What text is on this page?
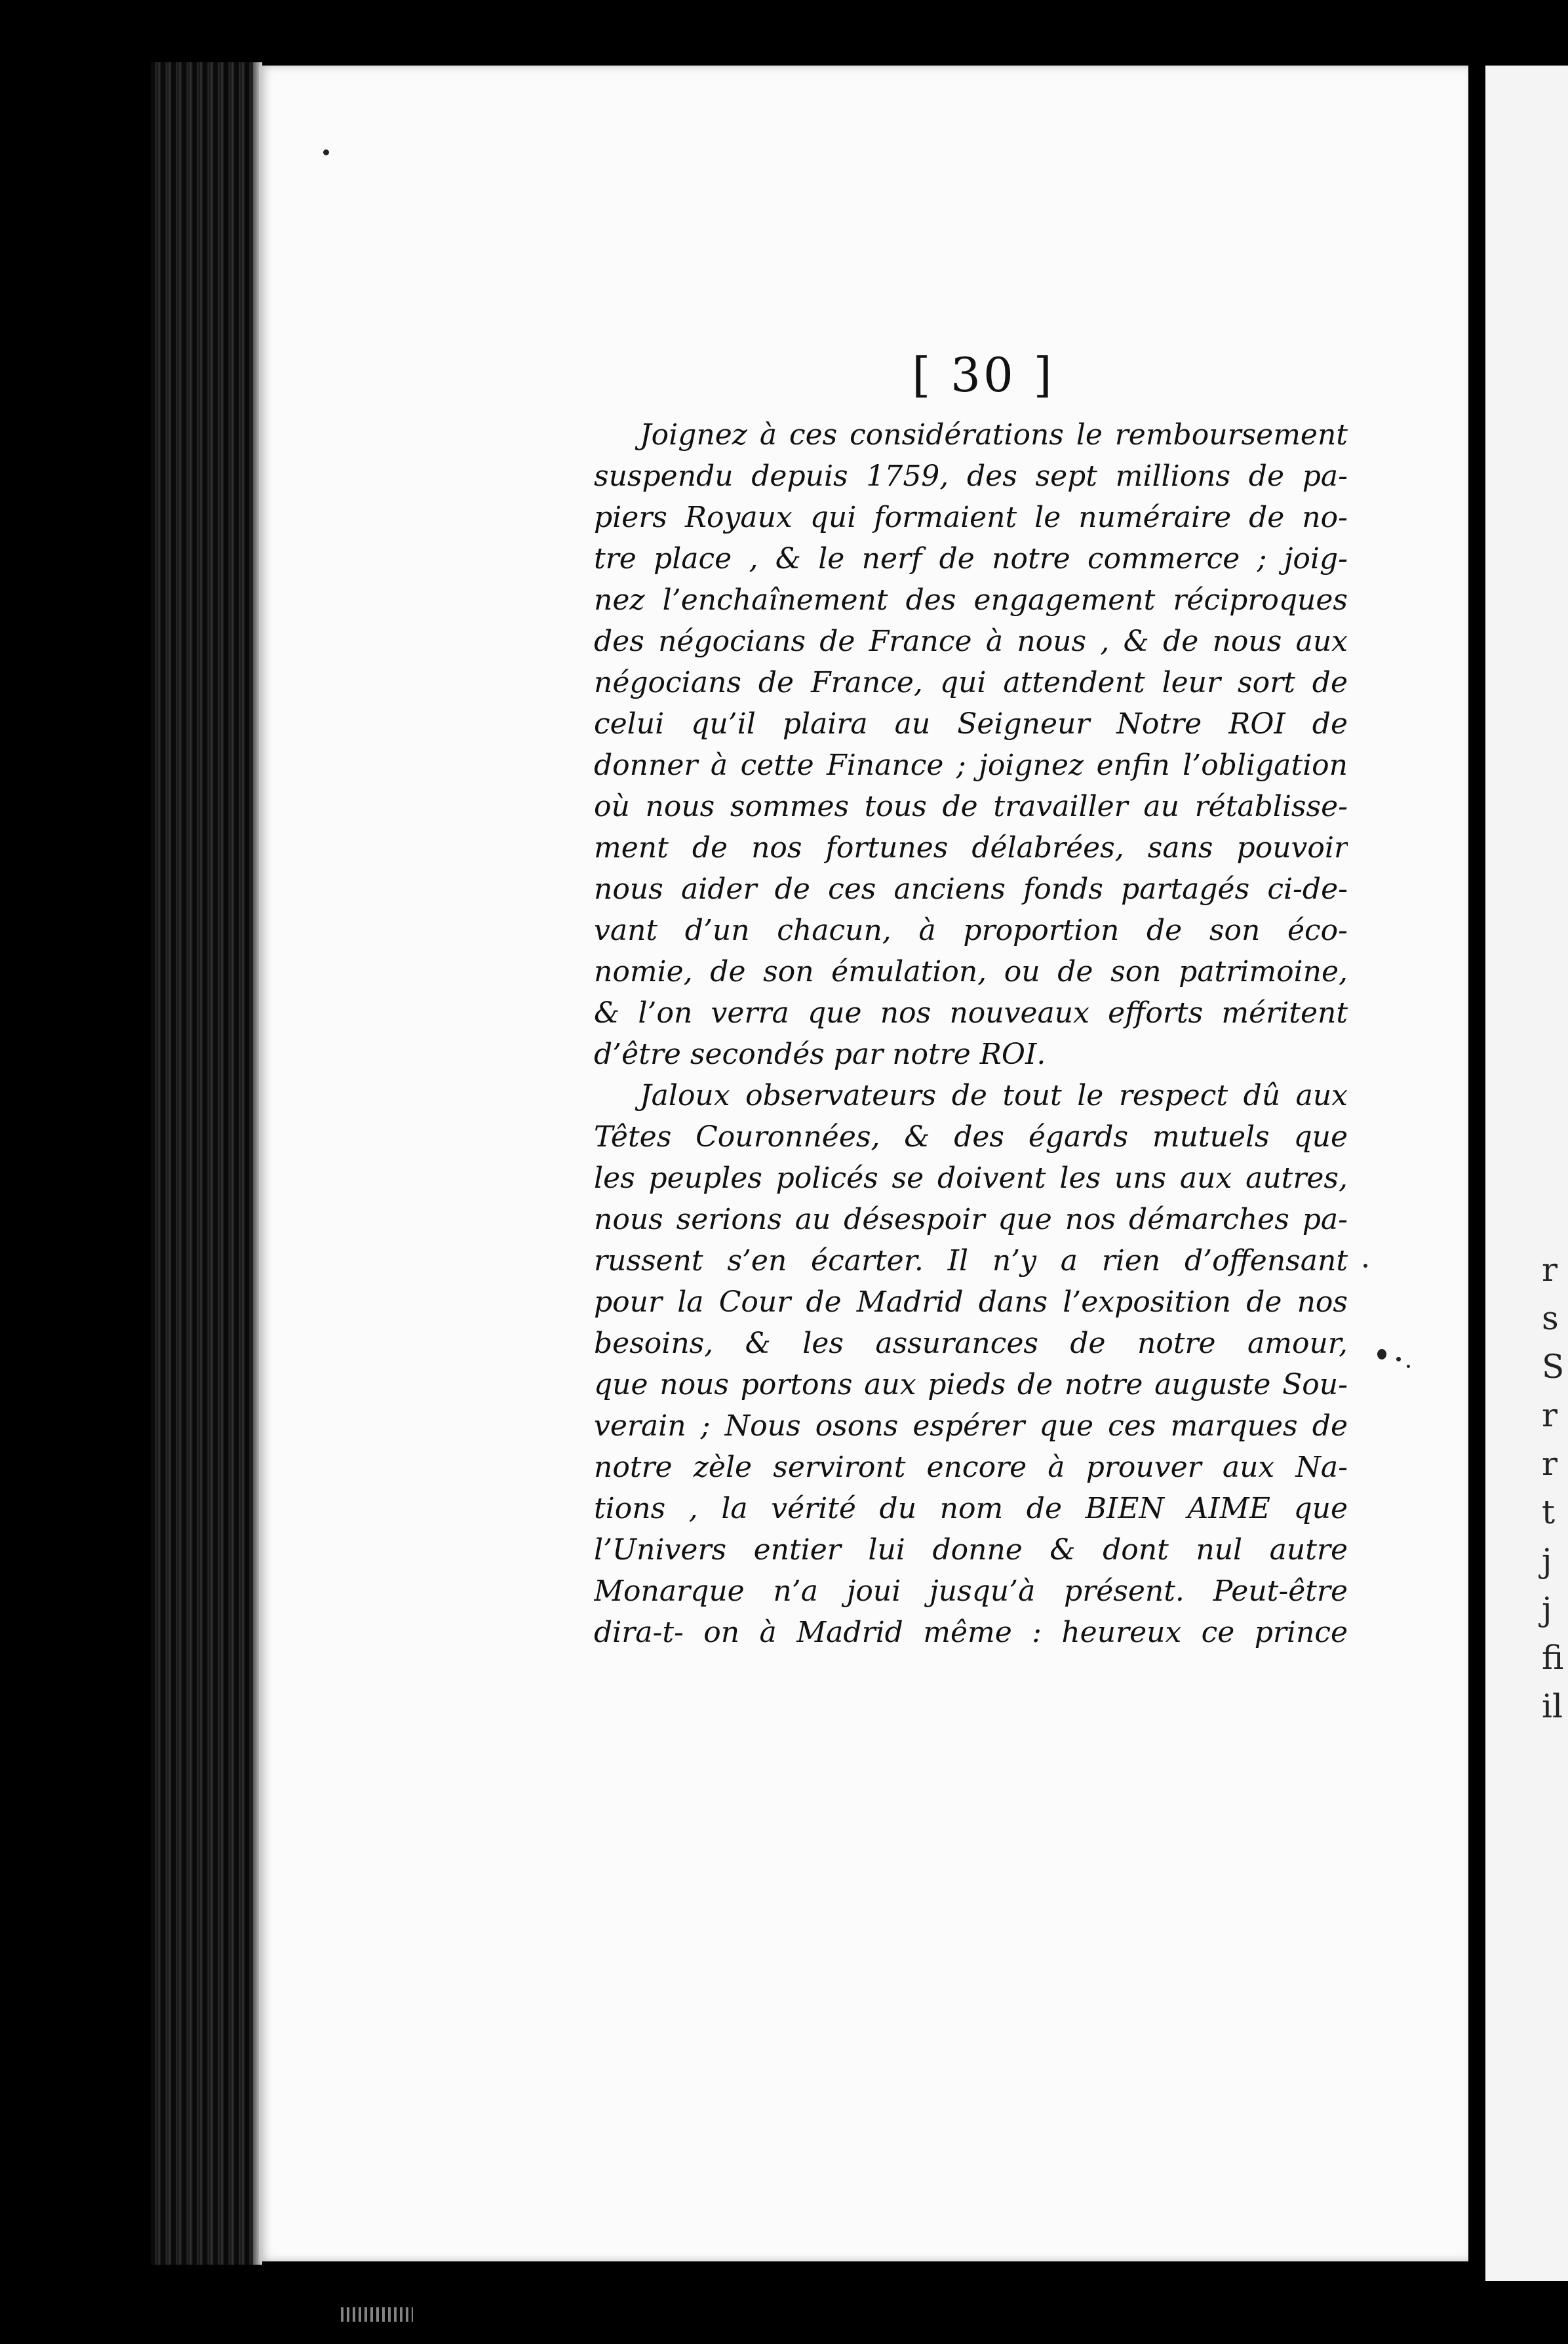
r
s
S
r
r
t
j
j
fi
il
[ 30 ]
Joignez à ces considérations le remboursement
suspendu depuis 1759, des sept millions de pa-
piers Royaux qui formaient le numéraire de no-
tre place , & le nerf de notre commerce ; joig-
nez l’enchaînement des engagement réciproques
des négocians de France à nous , & de nous aux
négocians de France, qui attendent leur sort de
celui qu’il plaira au Seigneur Notre ROI de
donner à cette Finance ; joignez enfin l’obligation
où nous sommes tous de travailler au rétablisse-
ment de nos fortunes délabrées, sans pouvoir
nous aider de ces anciens fonds partagés ci-de-
vant d’un chacun, à proportion de son éco-
nomie, de son émulation, ou de son patrimoine,
& l’on verra que nos nouveaux efforts méritent
d’être secondés par notre ROI.
Jaloux observateurs de tout le respect dû aux
Têtes Couronnées, & des égards mutuels que
les peuples policés se doivent les uns aux autres,
nous serions au désespoir que nos démarches pa-
russent s’en écarter. Il n’y a rien d’offensant
pour la Cour de Madrid dans l’exposition de nos
besoins, & les assurances de notre amour,
que nous portons aux pieds de notre auguste Sou-
verain ; Nous osons espérer que ces marques de
notre zèle serviront encore à prouver aux Na-
tions , la vérité du nom de BIEN AIME que
l’Univers entier lui donne & dont nul autre
Monarque n’a joui jusqu’à présent. Peut-être
dira-t- on à Madrid même : heureux ce prince
